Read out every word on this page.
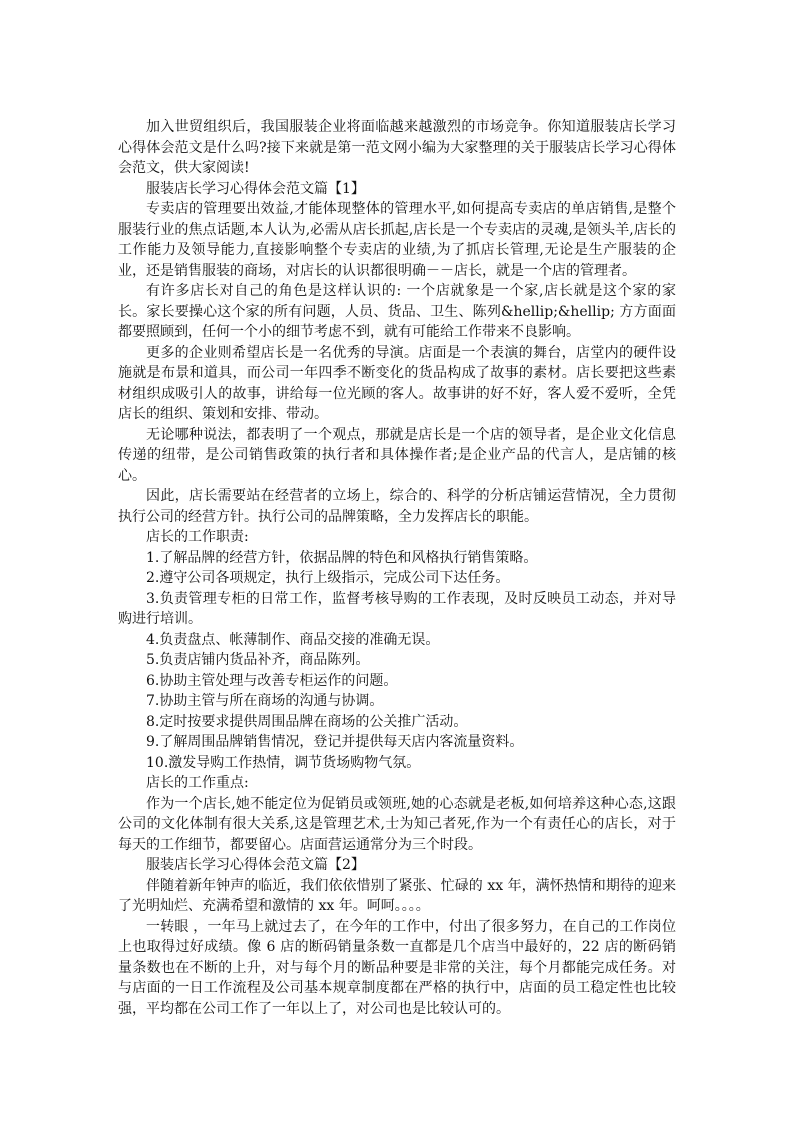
加入世贸组织后，我国服装企业将面临越来越激烈的市场竞争。你知道服装店长学习心得体会范文是什么吗?接下来就是第一范文网小编为大家整理的关于服装店长学习心得体会范文，供大家阅读!

服装店长学习心得体会范文篇【1】

专卖店的管理要出效益,才能体现整体的管理水平,如何提高专卖店的单店销售,是整个服装行业的焦点话题,本人认为,必需从店长抓起,店长是一个专卖店的灵魂,是领头羊,店长的工作能力及领导能力,直接影响整个专卖店的业绩,为了抓店长管理,无论是生产服装的企业，还是销售服装的商场，对店长的认识都很明确－－店长，就是一个店的管理者。

有许多店长对自己的角色是这样认识的: 一个店就象是一个家,店长就是这个家的家长。家长要操心这个家的所有问题，人员、货品、卫生、陈列&hellip;&hellip; 方方面面都要照顾到，任何一个小的细节考虑不到，就有可能给工作带来不良影响。

更多的企业则希望店长是一名优秀的导演。店面是一个表演的舞台，店堂内的硬件设施就是布景和道具，而公司一年四季不断变化的货品构成了故事的素材。店长要把这些素材组织成吸引人的故事，讲给每一位光顾的客人。故事讲的好不好，客人爱不爱听，全凭店长的组织、策划和安排、带动。

无论哪种说法，都表明了一个观点，那就是店长是一个店的领导者，是企业文化信息传递的纽带，是公司销售政策的执行者和具体操作者;是企业产品的代言人，是店铺的核心。

因此，店长需要站在经营者的立场上，综合的、科学的分析店铺运营情况，全力贯彻执行公司的经营方针。执行公司的品牌策略，全力发挥店长的职能。

店长的工作职责:

1.了解品牌的经营方针，依据品牌的特色和风格执行销售策略。

2.遵守公司各项规定，执行上级指示，完成公司下达任务。

3.负责管理专柜的日常工作，监督考核导购的工作表现，及时反映员工动态，并对导购进行培训。

4.负责盘点、帐薄制作、商品交接的准确无误。

5.负责店铺内货品补齐，商品陈列。

6.协助主管处理与改善专柜运作的问题。

7.协助主管与所在商场的沟通与协调。

8.定时按要求提供周围品牌在商场的公关推广活动。

9.了解周围品牌销售情况，登记并提供每天店内客流量资料。

10.激发导购工作热情，调节货场购物气氛。

店长的工作重点:

作为一个店长,她不能定位为促销员或领班,她的心态就是老板,如何培养这种心态,这跟公司的文化体制有很大关系,这是管理艺术,士为知己者死,作为一个有责任心的店长，对于每天的工作细节，都要留心。店面营运通常分为三个时段。

服装店长学习心得体会范文篇【2】

伴随着新年钟声的临近，我们依依惜别了紧张、忙碌的 xx 年，满怀热情和期待的迎来了光明灿烂、充满希望和激情的 xx 年。呵呵。。。。

一转眼 ，一年马上就过去了，在今年的工作中，付出了很多努力，在自己的工作岗位上也取得过好成绩。像 6 店的断码销量条数一直都是几个店当中最好的，22 店的断码销量条数也在不断的上升，对与每个月的断品种要是非常的关注，每个月都能完成任务。对与店面的一日工作流程及公司基本规章制度都在严格的执行中，店面的员工稳定性也比较强，平均都在公司工作了一年以上了，对公司也是比较认可的。
